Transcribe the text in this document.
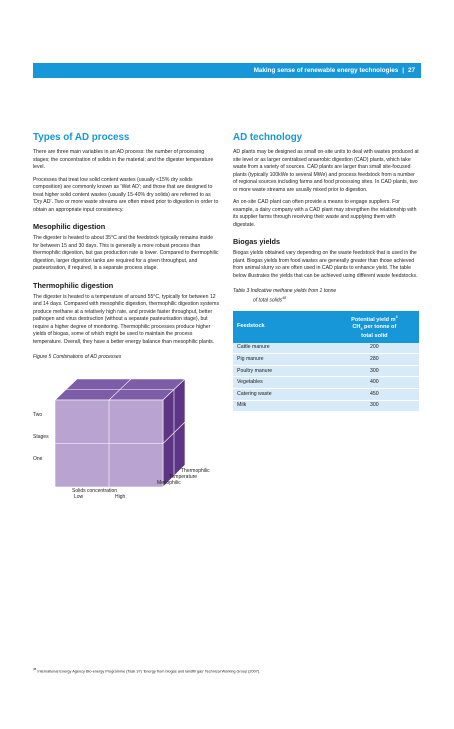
Making sense of renewable energy technologies | 27
Types of AD process

There are three main variables in an AD process: the number of processing stages; the concentration of solids in the material; and the digester temperature level.

Processes that treat low solid content wastes (usually <15% dry solids composition) are commonly known as ‘Wet AD’; and those that are designed to treat higher solid content wastes (usually 15-40% dry solids) are referred to as ‘Dry AD’. Two or more waste streams are often mixed prior to digestion in order to obtain an appropriate input consistency.

Mesophilic digestion

The digester is heated to about 35°C and the feedstock typically remains inside for between 15 and 30 days. This is generally a more robust process than thermophilic digestion, but gas production rate is lower. Compared to thermophilic digestion, larger digestion tanks are required for a given throughput, and pasteurisation, if required, is a separate process stage.

Thermophilic digestion

The digester is heated to a temperature of around 55°C, typically for between 12 and 14 days. Compared with mesophilic digestion, thermophilic digestion systems produce methane at a relatively high rate, and provide faster throughput, better pathogen and virus destruction (without a separate pasteurisation stage), but require a higher degree of monitoring. Thermophilic processes produce higher yields of biogas, some of which might be used to maintain the process temperature. Overall, they have a better energy balance than mesophilic plants.

Figure 5 Combinations of AD processes
Two
Stages
One
Solids concentration
Low	High
Thermophilic
Temperature
Mesophilic
AD technology

AD plants may be designed as small on-site units to deal with wastes produced at site level or as larger centralised anaerobic digestion (CAD) plants, which take waste from a variety of sources. CAD plants are larger than small site-focused plants (typically 100kWe to several MWe) and process feedstock from a number of regional sources including farms and food processing sites. In CAD plants, two or more waste streams are usually mixed prior to digestion.

An on-site CAD plant can often provide a means to engage suppliers. For example, a dairy company with a CAD plant may strengthen the relationship with its supplier farms through receiving their waste and supplying them with digestate.

Biogas yields

Biogas yields obtained vary depending on the waste feedstock that is used in the plant. Biogas yields from food wastes are generally greater than those achieved from animal slurry so are often used in CAD plants to enhance yield. The table below illustrates the yields that can be achieved using different waste feedstocks.

Table 3 Indicative methane yields from 1 tonne
of total solids$^{48}$
Feedstock	Potential yield $m^3$
$CH_4$ per tonne of
total solid
Cattle manure	200
Pig manure	280
Poultry manure	300
Vegetables	400
Catering waste	450
Milk	300
$^{48}$ International Energy Agency Bio-energy Programme (Task 37) ‘Energy from biogas and landfill gas’ Technical Working Group (2007).
